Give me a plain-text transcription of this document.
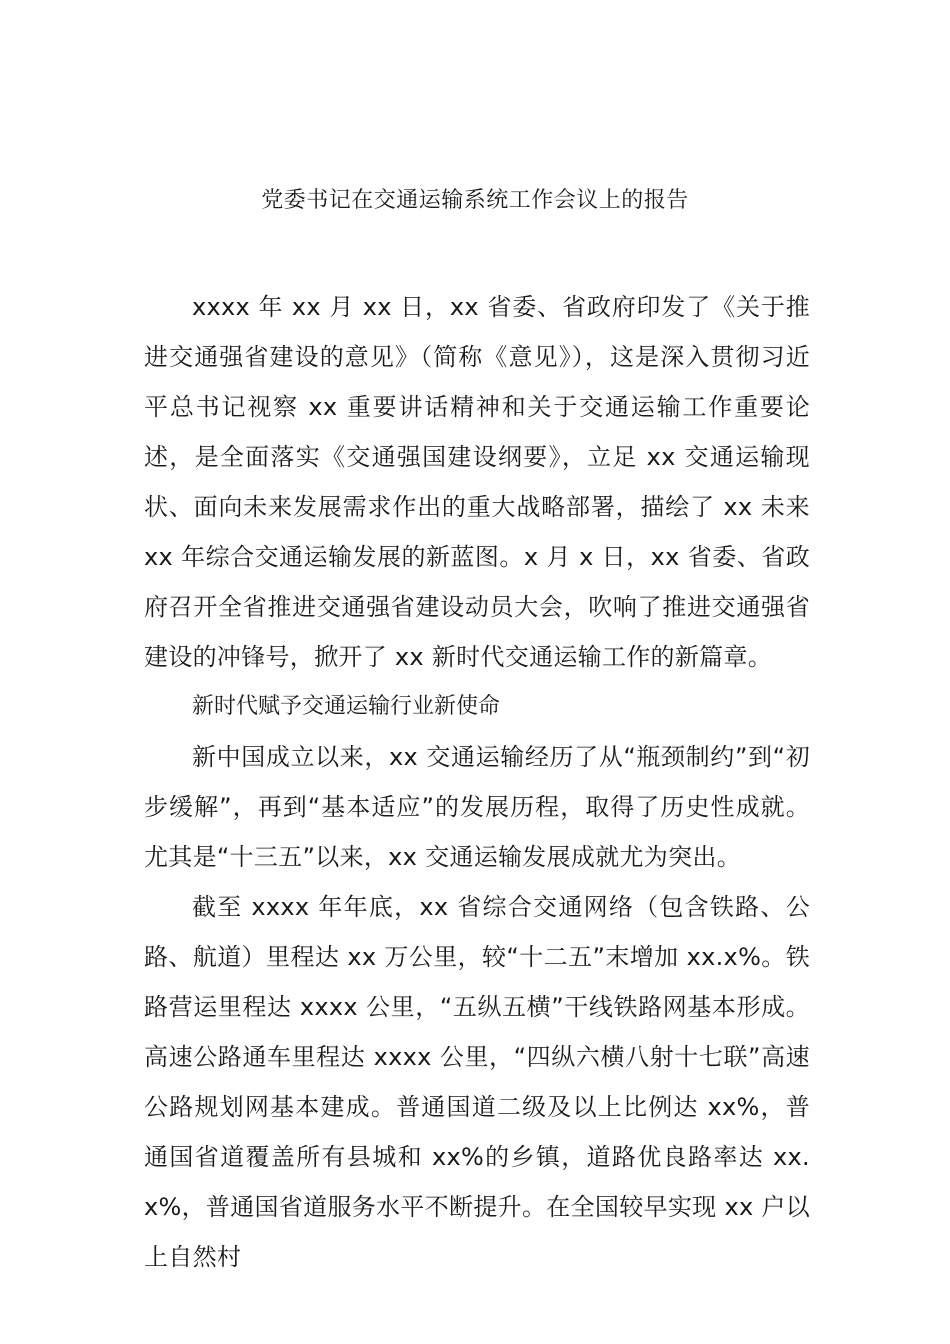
党委书记在交通运输系统工作会议上的报告

xxxx 年 xx 月 xx 日，xx 省委、省政府印发了《关于推进交通强省建设的意见》（简称《意见》），这是深入贯彻习近平总书记视察 xx 重要讲话精神和关于交通运输工作重要论述，是全面落实《交通强国建设纲要》，立足 xx 交通运输现状、面向未来发展需求作出的重大战略部署，描绘了 xx 未来 xx 年综合交通运输发展的新蓝图。x 月 x 日，xx 省委、省政府召开全省推进交通强省建设动员大会，吹响了推进交通强省建设的冲锋号，掀开了 xx 新时代交通运输工作的新篇章。

新时代赋予交通运输行业新使命

新中国成立以来，xx 交通运输经历了从“瓶颈制约”到“初步缓解”，再到“基本适应”的发展历程，取得了历史性成就。尤其是“十三五”以来，xx 交通运输发展成就尤为突出。

截至 xxxx 年年底，xx 省综合交通网络（包含铁路、公路、航道）里程达 xx 万公里，较“十二五”末增加 xx.x%。铁路营运里程达 xxxx 公里，“五纵五横”干线铁路网基本形成。高速公路通车里程达 xxxx 公里，“四纵六横八射十七联”高速公路规划网基本建成。普通国道二级及以上比例达 xx%，普通国省道覆盖所有县城和 xx%的乡镇，道路优良路率达 xx.x%，普通国省道服务水平不断提升。在全国较早实现 xx 户以上自然村
